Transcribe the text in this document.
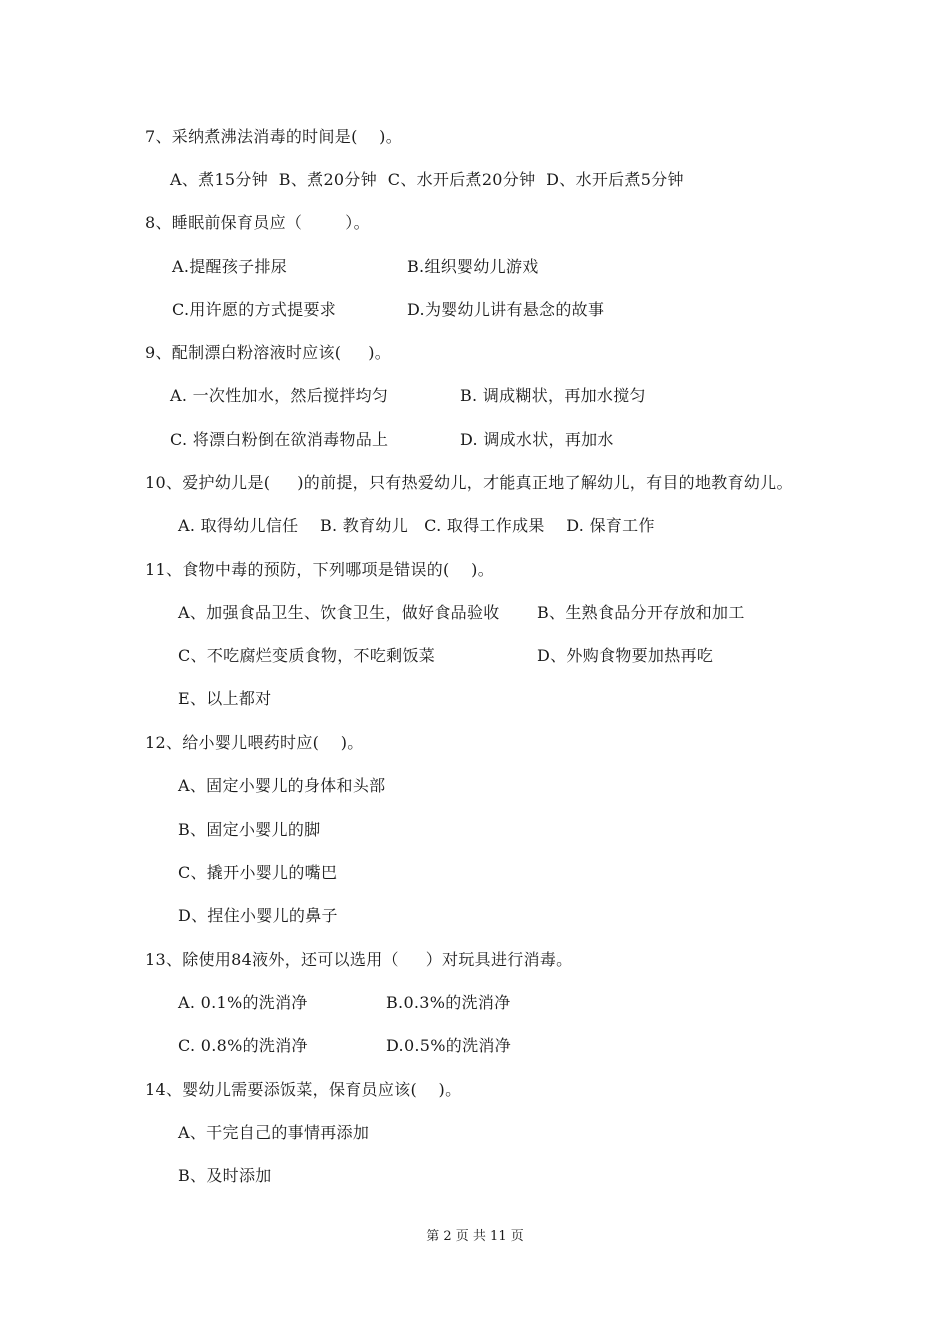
7、采纳煮沸法消毒的时间是(    )。
A、煮15分钟  B、煮20分钟  C、水开后煮20分钟  D、水开后煮5分钟
8、睡眠前保育员应（        ）。
A.提醒孩子排尿	B.组织婴幼儿游戏
C.用许愿的方式提要求	D.为婴幼儿讲有悬念的故事
9、配制漂白粉溶液时应该(     )。
A. 一次性加水，然后搅拌均匀	B. 调成糊状，再加水搅匀
C. 将漂白粉倒在欲消毒物品上	D. 调成水状，再加水
10、爱护幼儿是(     )的前提，只有热爱幼儿，才能真正地了解幼儿，有目的地教育幼儿。
A. 取得幼儿信任    B. 教育幼儿   C. 取得工作成果    D. 保育工作
11、食物中毒的预防，下列哪项是错误的(    )。
A、加强食品卫生、饮食卫生，做好食品验收 B、生熟食品分开存放和加工
C、不吃腐烂变质食物，不吃剩饭菜	D、外购食物要加热再吃
E、以上都对
12、给小婴儿喂药时应(    )。
A、固定小婴儿的身体和头部
B、固定小婴儿的脚
C、撬开小婴儿的嘴巴
D、捏住小婴儿的鼻子
13、除使用84液外，还可以选用（     ）对玩具进行消毒。
A. 0.1%的洗消净	B.0.3%的洗消净
C. 0.8%的洗消净	D.0.5%的洗消净
14、婴幼儿需要添饭菜，保育员应该(    )。
A、干完自己的事情再添加
B、及时添加
第 2 页 共 11 页
